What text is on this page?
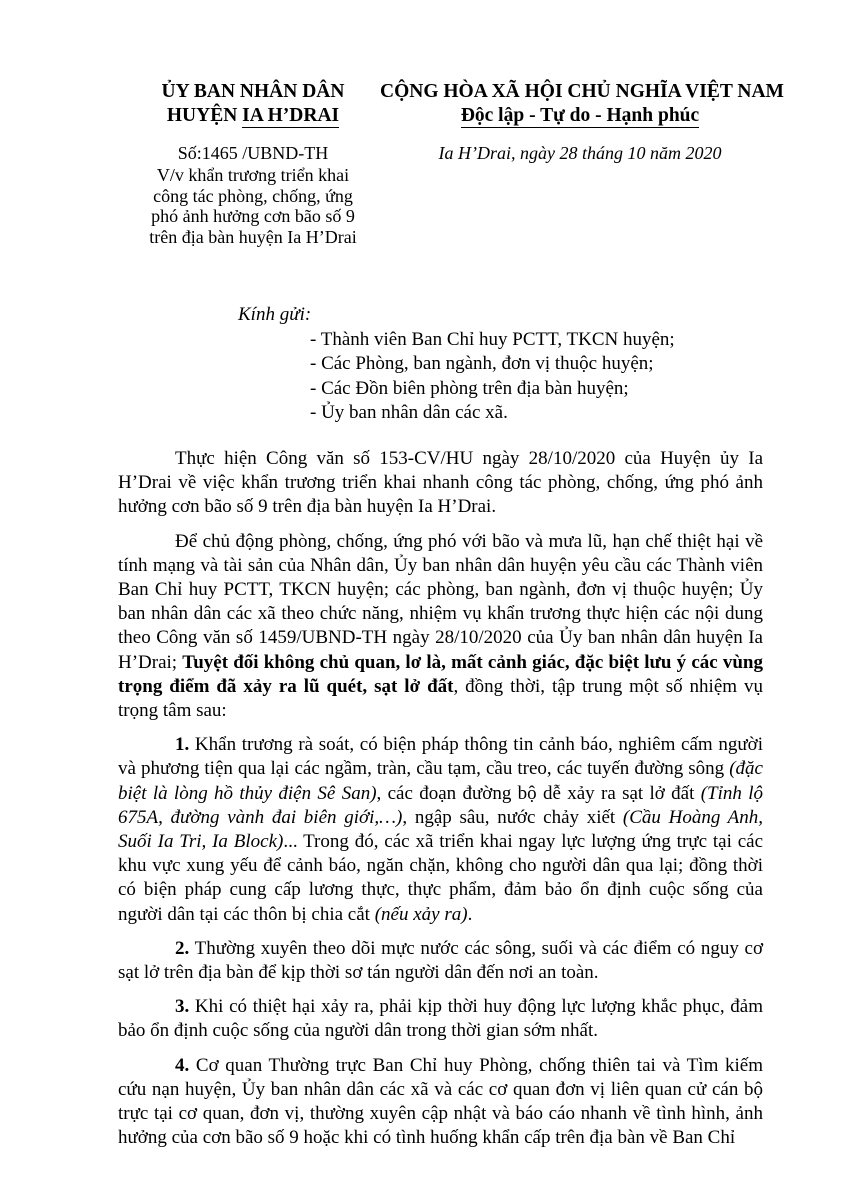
ỦY BAN NHÂN DÂN
HUYỆN IA H’DRAI
CỘNG HÒA XÃ HỘI CHỦ NGHĨA VIỆT NAM
Độc lập - Tự do - Hạnh phúc
Số:1465 /UBND-TH
V/v khẩn trương triển khai
công tác phòng, chống, ứng
phó ảnh hưởng cơn bão số 9
trên địa bàn huyện Ia H’Drai
Ia H’Drai, ngày 28 tháng 10 năm 2020
Kính gửi:
- Thành viên Ban Chỉ huy PCTT, TKCN huyện;
- Các Phòng, ban ngành, đơn vị thuộc huyện;
- Các Đồn biên phòng trên địa bàn huyện;
- Ủy ban nhân dân các xã.

Thực hiện Công văn số 153-CV/HU ngày 28/10/2020 của Huyện ủy Ia H’Drai về việc khẩn trương triển khai nhanh công tác phòng, chống, ứng phó ảnh hưởng cơn bão số 9 trên địa bàn huyện Ia H’Drai.

Để chủ động phòng, chống, ứng phó với bão và mưa lũ, hạn chế thiệt hại về tính mạng và tài sản của Nhân dân, Ủy ban nhân dân huyện yêu cầu các Thành viên Ban Chỉ huy PCTT, TKCN huyện; các phòng, ban ngành, đơn vị thuộc huyện; Ủy ban nhân dân các xã theo chức năng, nhiệm vụ khẩn trương thực hiện các nội dung theo Công văn số 1459/UBND-TH ngày 28/10/2020 của Ủy ban nhân dân huyện Ia H’Drai; Tuyệt đối không chủ quan, lơ là, mất cảnh giác, đặc biệt lưu ý các vùng trọng điểm đã xảy ra lũ quét, sạt lở đất, đồng thời, tập trung một số nhiệm vụ trọng tâm sau:

1. Khẩn trương rà soát, có biện pháp thông tin cảnh báo, nghiêm cấm người và phương tiện qua lại các ngầm, tràn, cầu tạm, cầu treo, các tuyến đường sông (đặc biệt là lòng hồ thủy điện Sê San), các đoạn đường bộ dễ xảy ra sạt lở đất (Tỉnh lộ 675A, đường vành đai biên giới,…), ngập sâu, nước chảy xiết (Cầu Hoàng Anh, Suối Ia Tri, Ia Block)... Trong đó, các xã triển khai ngay lực lượng ứng trực tại các khu vực xung yếu để cảnh báo, ngăn chặn, không cho người dân qua lại; đồng thời có biện pháp cung cấp lương thực, thực phẩm, đảm bảo ổn định cuộc sống của người dân tại các thôn bị chia cắt (nếu xảy ra).

2. Thường xuyên theo dõi mực nước các sông, suối và các điểm có nguy cơ sạt lở trên địa bàn để kịp thời sơ tán người dân đến nơi an toàn.

3. Khi có thiệt hại xảy ra, phải kịp thời huy động lực lượng khắc phục, đảm bảo ổn định cuộc sống của người dân trong thời gian sớm nhất.

4. Cơ quan Thường trực Ban Chỉ huy Phòng, chống thiên tai và Tìm kiếm cứu nạn huyện, Ủy ban nhân dân các xã và các cơ quan đơn vị liên quan cử cán bộ trực tại cơ quan, đơn vị, thường xuyên cập nhật và báo cáo nhanh về tình hình, ảnh hưởng của cơn bão số 9 hoặc khi có tình huống khẩn cấp trên địa bàn về Ban Chỉ
